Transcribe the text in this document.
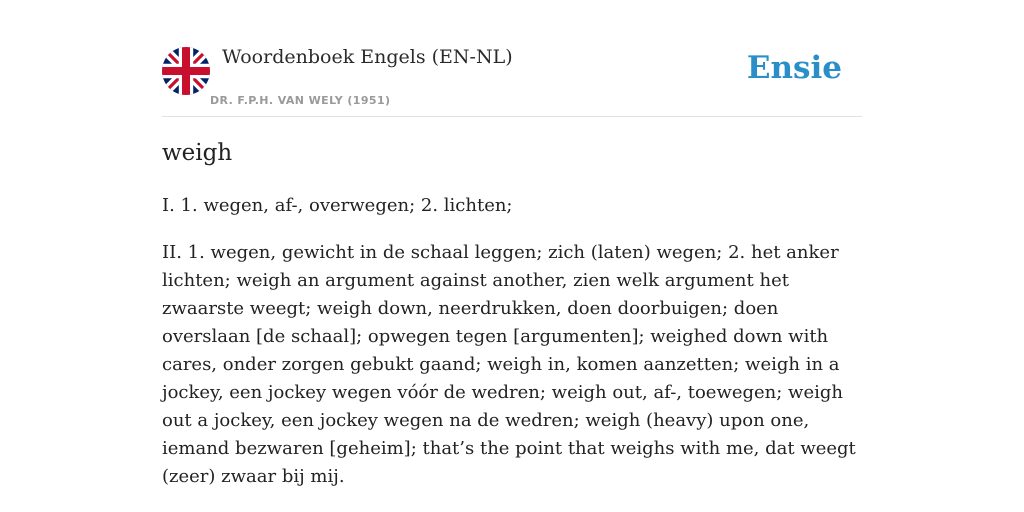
Woordenboek Engels (EN-NL)
DR. F.P.H. VAN WELY (1951)
Ensie
weigh
I. 1. wegen, af-, overwegen; 2. lichten;
II. 1. wegen, gewicht in de schaal leggen; zich (laten) wegen; 2. het anker lichten; weigh an argument against another, zien welk argument het zwaarste weegt; weigh down, neerdrukken, doen doorbuigen; doen overslaan [de schaal]; opwegen tegen [argumenten]; weighed down with cares, onder zorgen gebukt gaand; weigh in, komen aanzetten; weigh in a jockey, een jockey wegen vóór de wedren; weigh out, af-, toewegen; weigh out a jockey, een jockey wegen na de wedren; weigh (heavy) upon one, iemand bezwaren [geheim]; that’s the point that weighs with me, dat weegt (zeer) zwaar bij mij.
